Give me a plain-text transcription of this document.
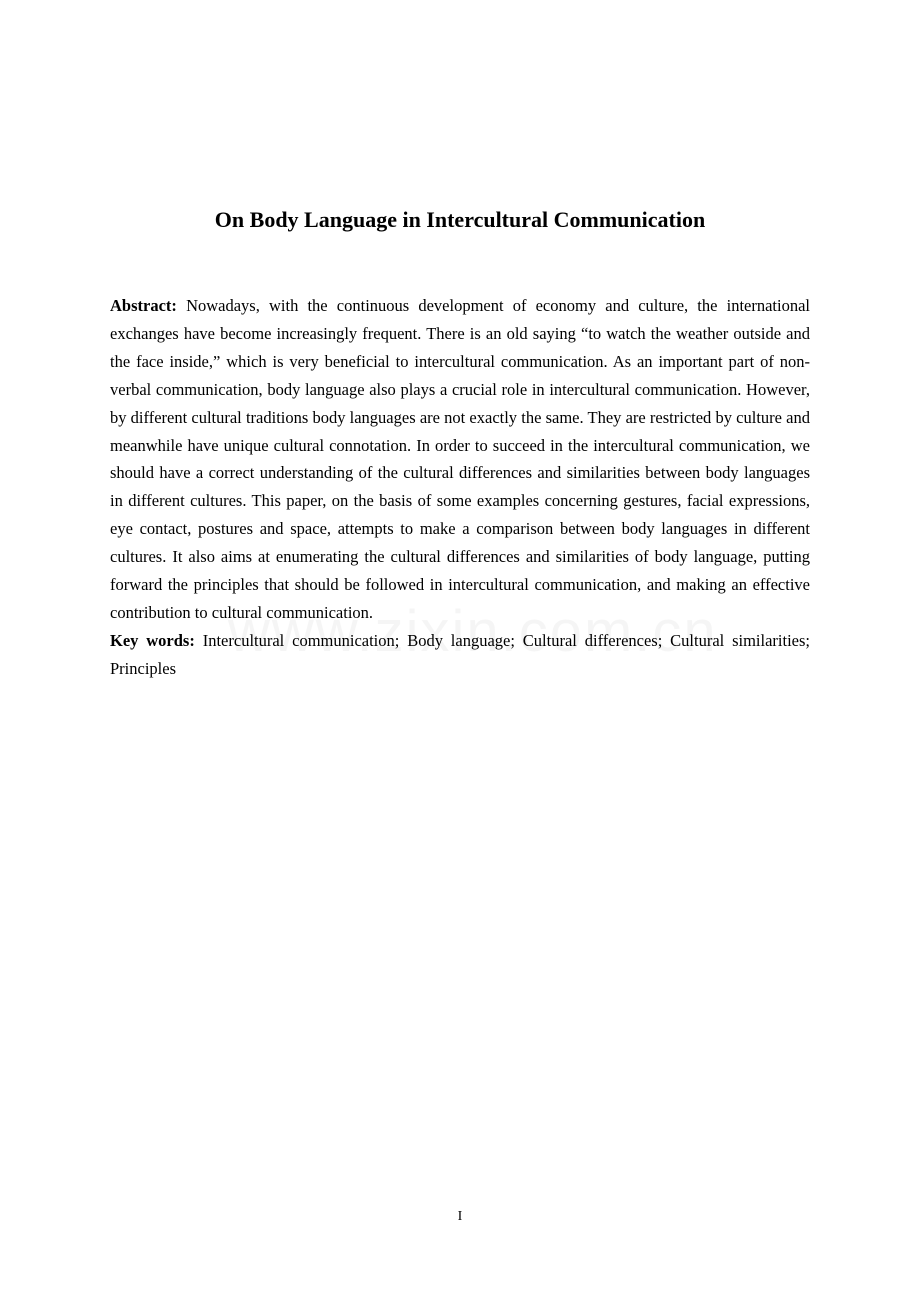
On Body Language in Intercultural Communication

Abstract: Nowadays, with the continuous development of economy and culture, the international exchanges have become increasingly frequent. There is an old saying “to watch the weather outside and the face inside,” which is very beneficial to intercultural communication. As an important part of non-verbal communication, body language also plays a crucial role in intercultural communication. However, by different cultural traditions body languages are not exactly the same. They are restricted by culture and meanwhile have unique cultural connotation. In order to succeed in the intercultural communication, we should have a correct understanding of the cultural differences and similarities between body languages in different cultures. This paper, on the basis of some examples concerning gestures, facial expressions, eye contact, postures and space, attempts to make a comparison between body languages in different cultures. It also aims at enumerating the cultural differences and similarities of body language, putting forward the principles that should be followed in intercultural communication, and making an effective contribution to cultural communication.

Key words: Intercultural communication; Body language; Cultural differences; Cultural similarities; Principles

I
